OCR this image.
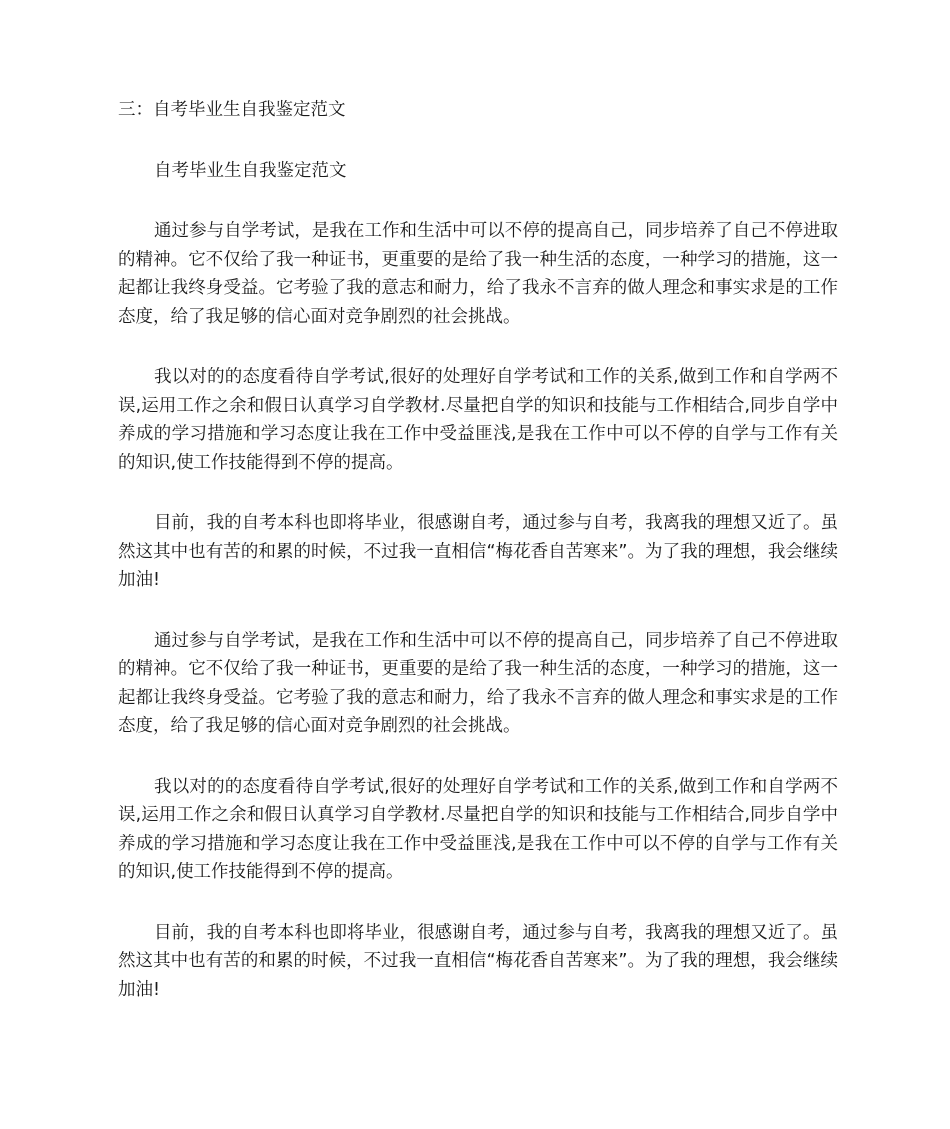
三：自考毕业生自我鉴定范文

自考毕业生自我鉴定范文

通过参与自学考试，是我在工作和生活中可以不停的提高自己，同步培养了自己不停进取的精神。它不仅给了我一种证书，更重要的是给了我一种生活的态度，一种学习的措施，这一起都让我终身受益。它考验了我的意志和耐力，给了我永不言弃的做人理念和事实求是的工作态度，给了我足够的信心面对竞争剧烈的社会挑战。

我以对的的态度看待自学考试,很好的处理好自学考试和工作的关系,做到工作和自学两不误,运用工作之余和假日认真学习自学教材.尽量把自学的知识和技能与工作相结合,同步自学中养成的学习措施和学习态度让我在工作中受益匪浅,是我在工作中可以不停的自学与工作有关的知识,使工作技能得到不停的提高。

目前，我的自考本科也即将毕业，很感谢自考，通过参与自考，我离我的理想又近了。虽然这其中也有苦的和累的时候，不过我一直相信“梅花香自苦寒来”。为了我的理想，我会继续加油!

通过参与自学考试，是我在工作和生活中可以不停的提高自己，同步培养了自己不停进取的精神。它不仅给了我一种证书，更重要的是给了我一种生活的态度，一种学习的措施，这一起都让我终身受益。它考验了我的意志和耐力，给了我永不言弃的做人理念和事实求是的工作态度，给了我足够的信心面对竞争剧烈的社会挑战。

我以对的的态度看待自学考试,很好的处理好自学考试和工作的关系,做到工作和自学两不误,运用工作之余和假日认真学习自学教材.尽量把自学的知识和技能与工作相结合,同步自学中养成的学习措施和学习态度让我在工作中受益匪浅,是我在工作中可以不停的自学与工作有关的知识,使工作技能得到不停的提高。

目前，我的自考本科也即将毕业，很感谢自考，通过参与自考，我离我的理想又近了。虽然这其中也有苦的和累的时候，不过我一直相信“梅花香自苦寒来”。为了我的理想，我会继续加油!
